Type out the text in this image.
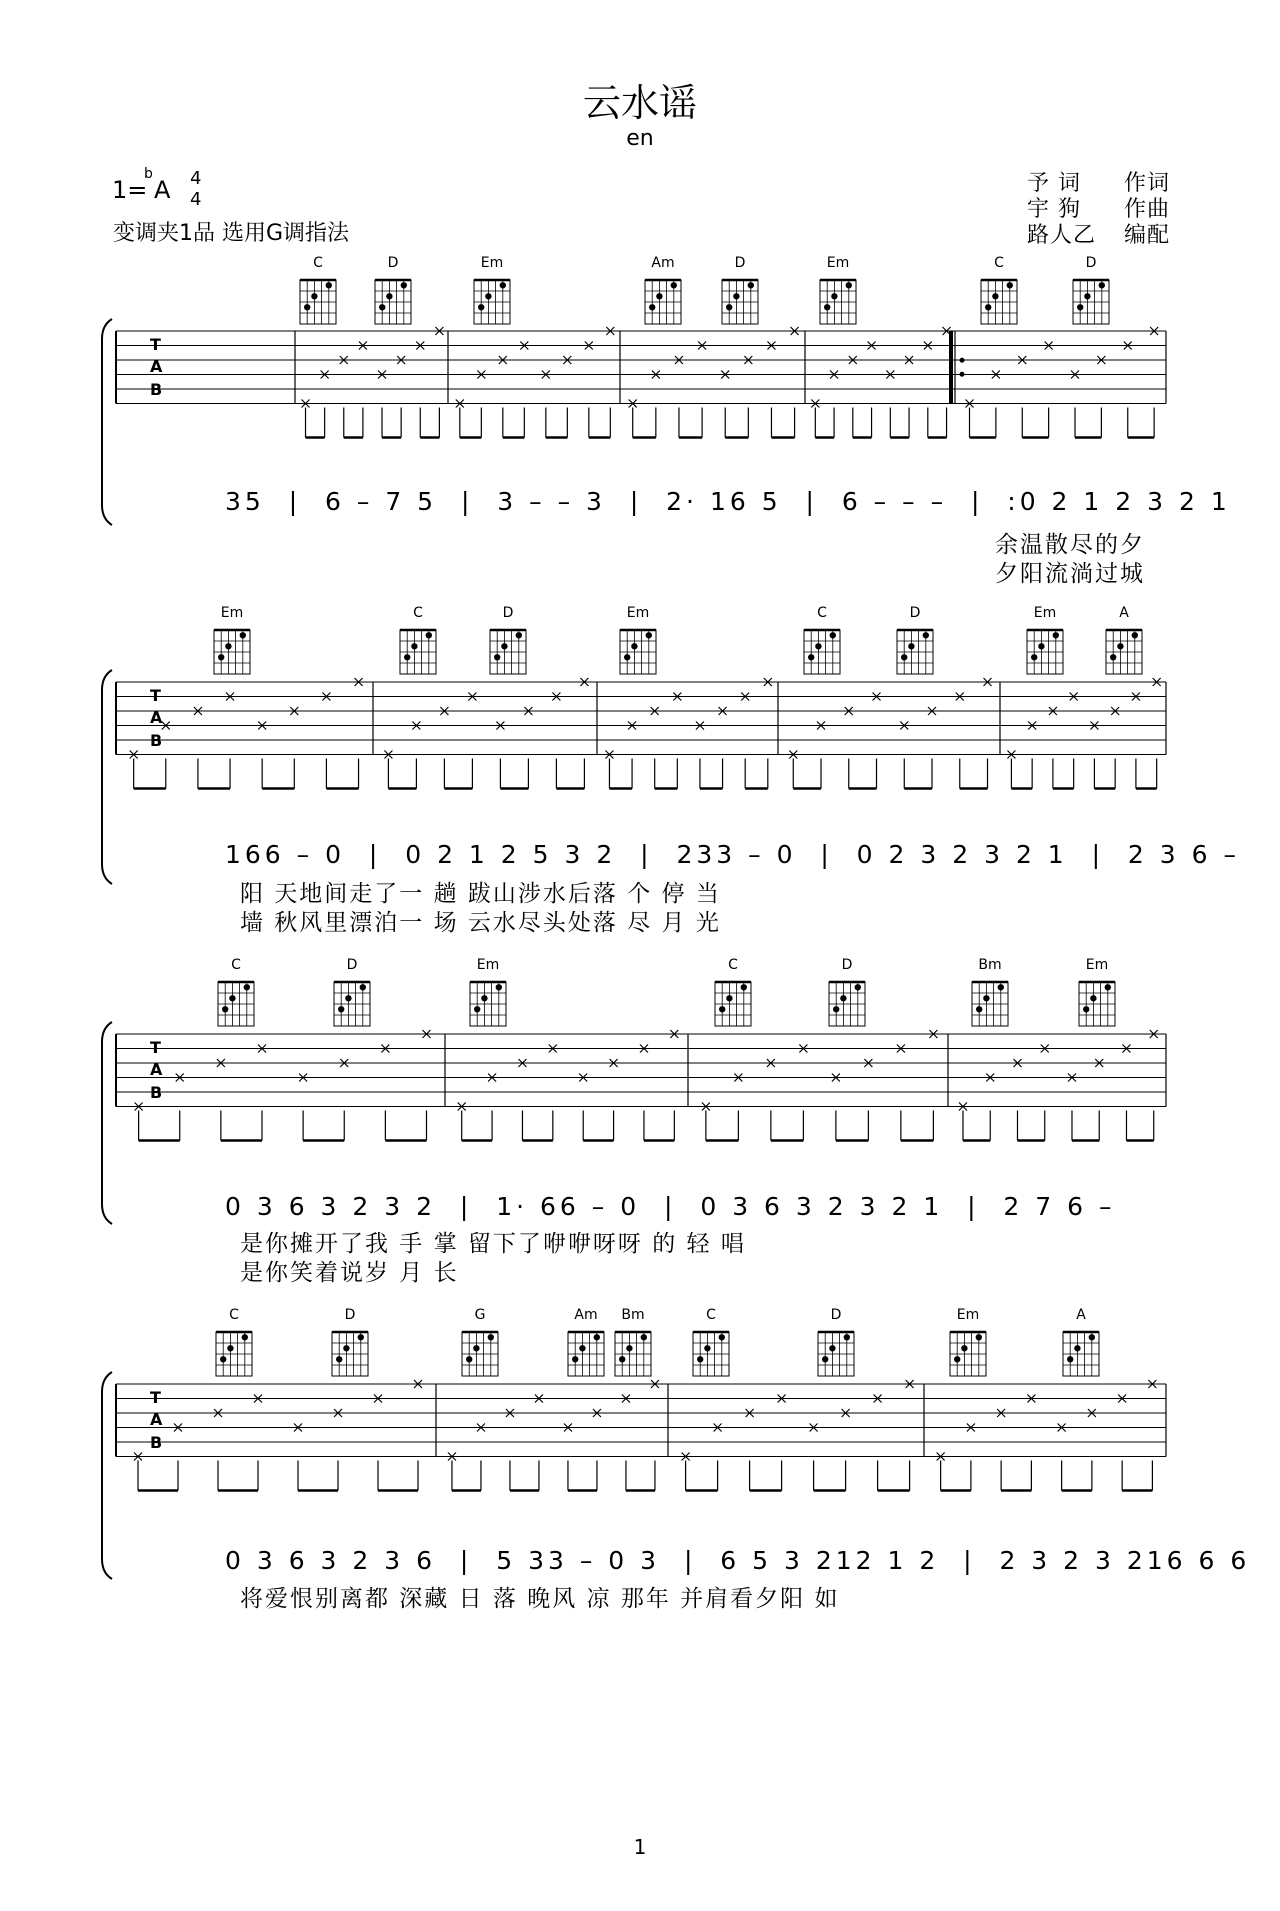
云水谣
en
1=
b
A 4
4
变调夹1品 选用G调指法
予 词 作词
宇 狗 作曲
路人乙 编配
C	D	Em	Am	D	Em	C	D
Em	C	D	Em	C	D	Em	A
C	D	Em	C	D	Bm	Em
C	D	G	Am	Bm	C	D	Em	A
35  |  6 – 7 5  |  3 – – 3  |  2· 16 5  |  6 – – –  |  :0 2 1 2 3 2 1
余温散尽的夕
夕阳流淌过城
166 – 0  |  0 2 1 2 5 3 2  |  233 – 0  |  0 2 3 2 3 2 1  |  2 3 6 –
阳 天地间走了一 趟 跋山涉水后落 个 停 当
墙 秋风里漂泊一 场 云水尽头处落 尽 月 光
0 3 6 3 2 3 2  |  1· 66 – 0  |  0 3 6 3 2 3 2 1  |  2 7 6 –
是你摊开了我 手 掌 留下了咿咿呀呀 的 轻 唱
是你笑着说岁 月 长
0 3 6 3 2 3 6  |  5 33 – 0 3  |  6 5 3 212 1 2  |  2 3 2 3 216 6 6
将爱恨别离都 深藏 日 落 晚风 凉 那年 并肩看夕阳 如
1
T
A
B
T
A
B
T
A
B
T
A
B
